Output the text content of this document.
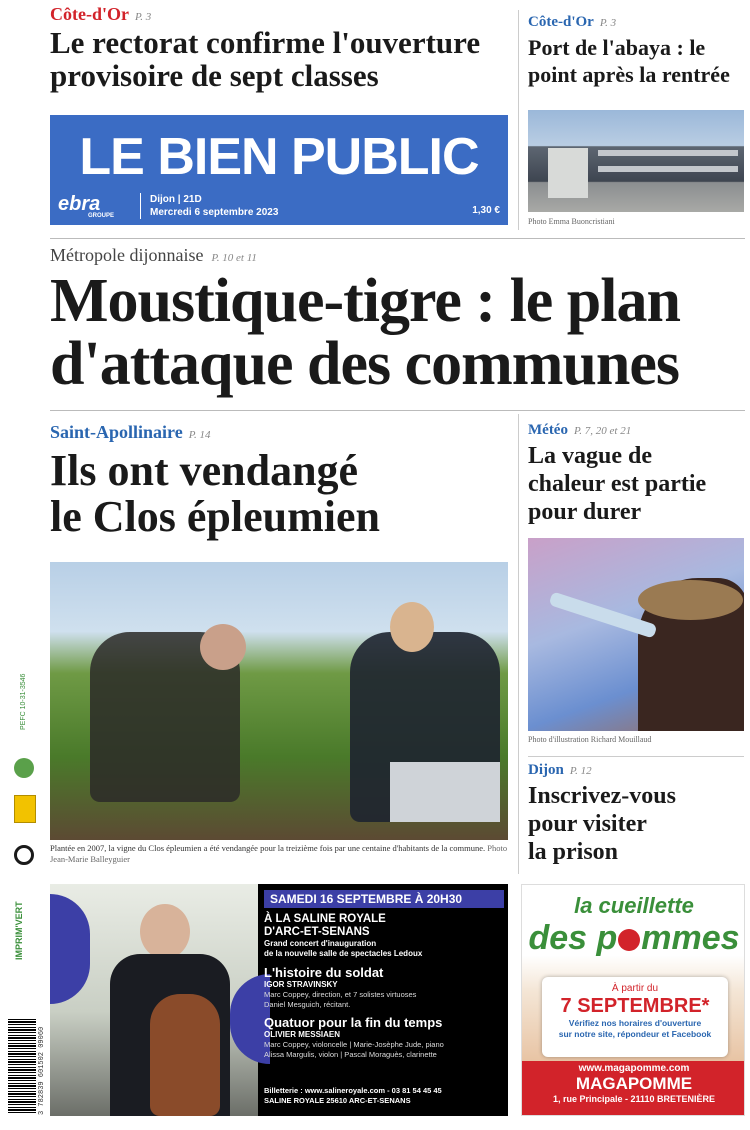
Côte-d'Or P. 3
Le rectorat confirme l'ouverture
provisoire de sept classes
Côte-d'Or P. 3
Port de l'abaya : le
point après la rentrée
Photo Emma Buoncristiani
LE BIEN PUBLIC
ebra
GROUPE
Dijon | 21D
Mercredi 6 septembre 2023	1,30 €
Métropole dijonnaise P. 10 et 11
Moustique-tigre : le plan
d'attaque des communes
Saint-Apollinaire P. 14
Ils ont vendangé
le Clos épleumien
Plantée en 2007, la vigne du Clos épleumien a été vendangée pour la treizième fois par une centaine d'habitants de la commune. Photo Jean-Marie Balleyguier
Météo P. 7, 20 et 21
La vague de
chaleur est partie
pour durer
Photo d'illustration Richard Mouillaud
Dijon P. 12
Inscrivez-vous
pour visiter
la prison
PEFC 10-31-3546
IMPRIM'VERT
3 782839 601502 09060
SAMEDI 16 SEPTEMBRE À 20H30
À LA SALINE ROYALE
D'ARC-ET-SENANS
Grand concert d'inauguration
de la nouvelle salle de spectacles Ledoux
L'histoire du soldat
IGOR STRAVINSKY
Marc Coppey, direction, et 7 solistes virtuoses
Daniel Mesguich, récitant.
Quatuor pour la fin du temps
OLIVIER MESSIAEN
Marc Coppey, violoncelle | Marie-Josèphe Jude, piano
Alissa Margulis, violon | Pascal Moraguès, clarinette
Billetterie : www.salineroyale.com - 03 81 54 45 45
SALINE ROYALE 25610 ARC-ET-SENANS
la cueillette
des p mmes
À partir du
7 SEPTEMBRE*
Vérifiez nos horaires d'ouverture
sur notre site, répondeur et Facebook
www.magapomme.com
MAGAPOMME
1, rue Principale - 21110 BRETENIÈRE
